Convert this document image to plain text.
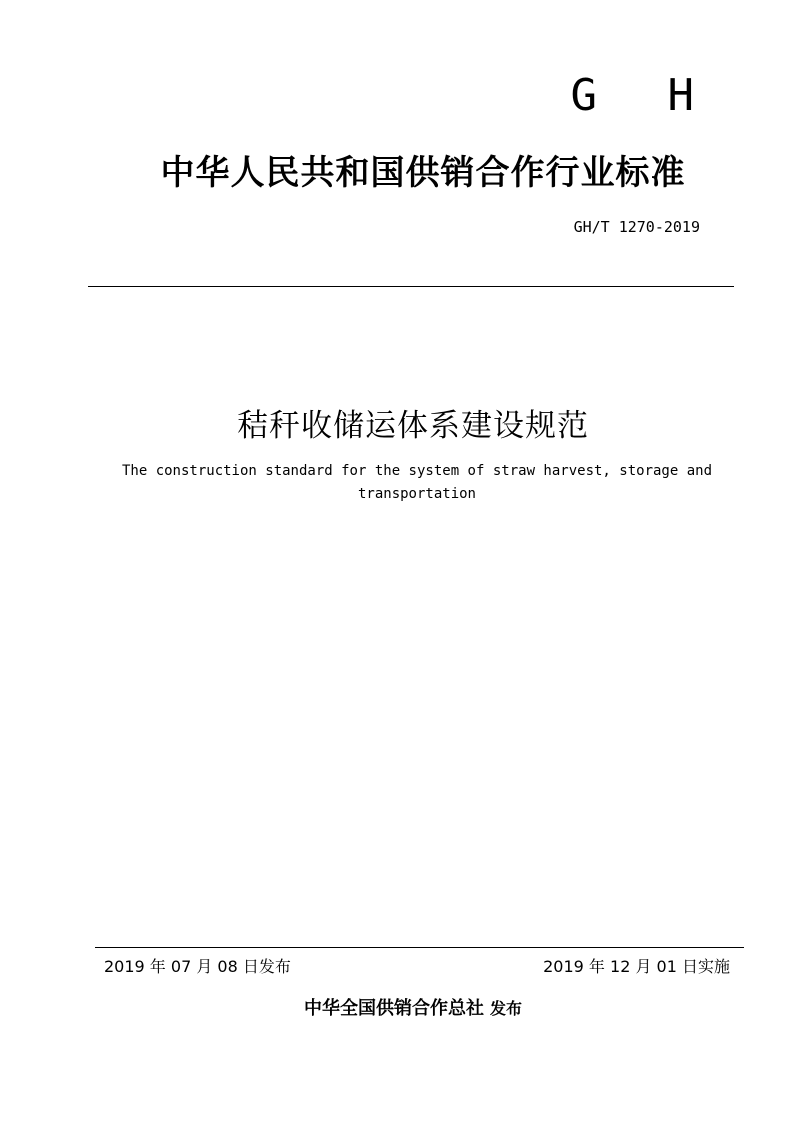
G H
中华人民共和国供销合作行业标准
GH/T 1270-2019
秸秆收储运体系建设规范
The construction standard for the system of straw harvest, storage and transportation
2019 年 07 月 08 日发布	2019 年 12 月 01 日实施
中华全国供销合作总社 发布
